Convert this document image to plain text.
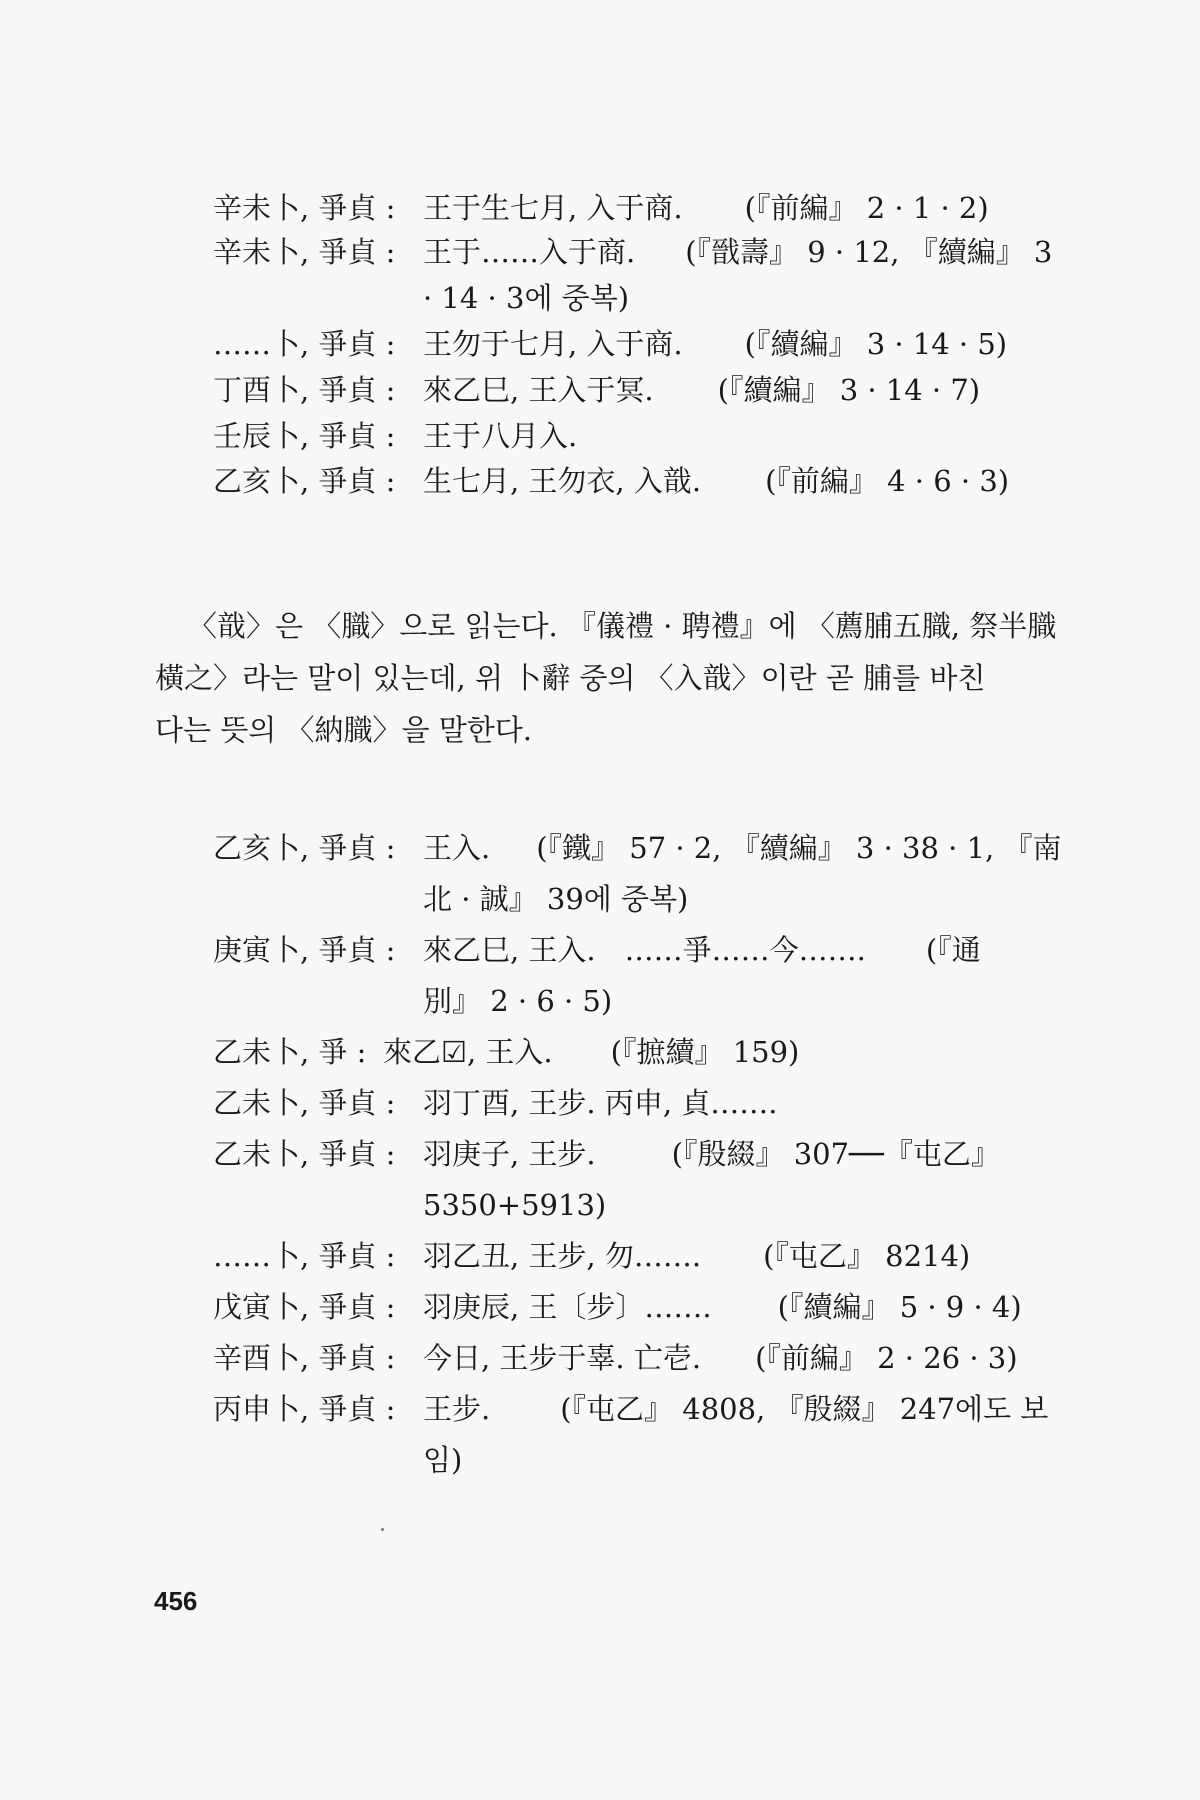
辛未卜, 爭貞 : 王于生七月, 入于商. (『前編』 2 · 1 · 2)
辛未卜, 爭貞 : 王于……入于商. (『戩壽』 9 · 12, 『續編』 3
· 14 · 3에 중복)
……卜, 爭貞 : 王勿于七月, 入于商. (『續編』 3 · 14 · 5)
丁酉卜, 爭貞 : 來乙巳, 王入于冥. (『續編』 3 · 14 · 7)
壬辰卜, 爭貞 : 王于八月入.
乙亥卜, 爭貞 : 生七月, 王勿衣, 入戠. (『前編』 4 · 6 · 3)
〈戠〉은 〈膱〉으로 읽는다. 『儀禮 · 聘禮』에 〈薦脯五膱, 祭半膱
橫之〉라는 말이 있는데, 위 卜辭 중의 〈入戠〉이란 곧 脯를 바친
다는 뜻의 〈納膱〉을 말한다.
乙亥卜, 爭貞 : 王入. (『鐵』 57 · 2, 『續編』 3 · 38 · 1, 『南
北 · 誠』 39에 중복)
庚寅卜, 爭貞 : 來乙巳, 王入.　……爭……今……. (『通
別』 2 · 6 · 5)
乙未卜, 爭 : 來乙☑, 王入. (『摭續』 159)
乙未卜, 爭貞 : 羽丁酉, 王步. 丙申, 貞…….
乙未卜, 爭貞 : 羽庚子, 王步.	(『殷綴』 307──『屯乙』
5350+5913)
……卜, 爭貞 : 羽乙丑, 王步, 勿……. (『屯乙』 8214)
戊寅卜, 爭貞 : 羽庚辰, 王〔步〕……. (『續編』 5 · 9 · 4)
辛酉卜, 爭貞 : 今日, 王步于辜. 亡壱. (『前編』 2 · 26 · 3)
丙申卜, 爭貞 : 王步. (『屯乙』 4808, 『殷綴』 247에도 보
임)
456
